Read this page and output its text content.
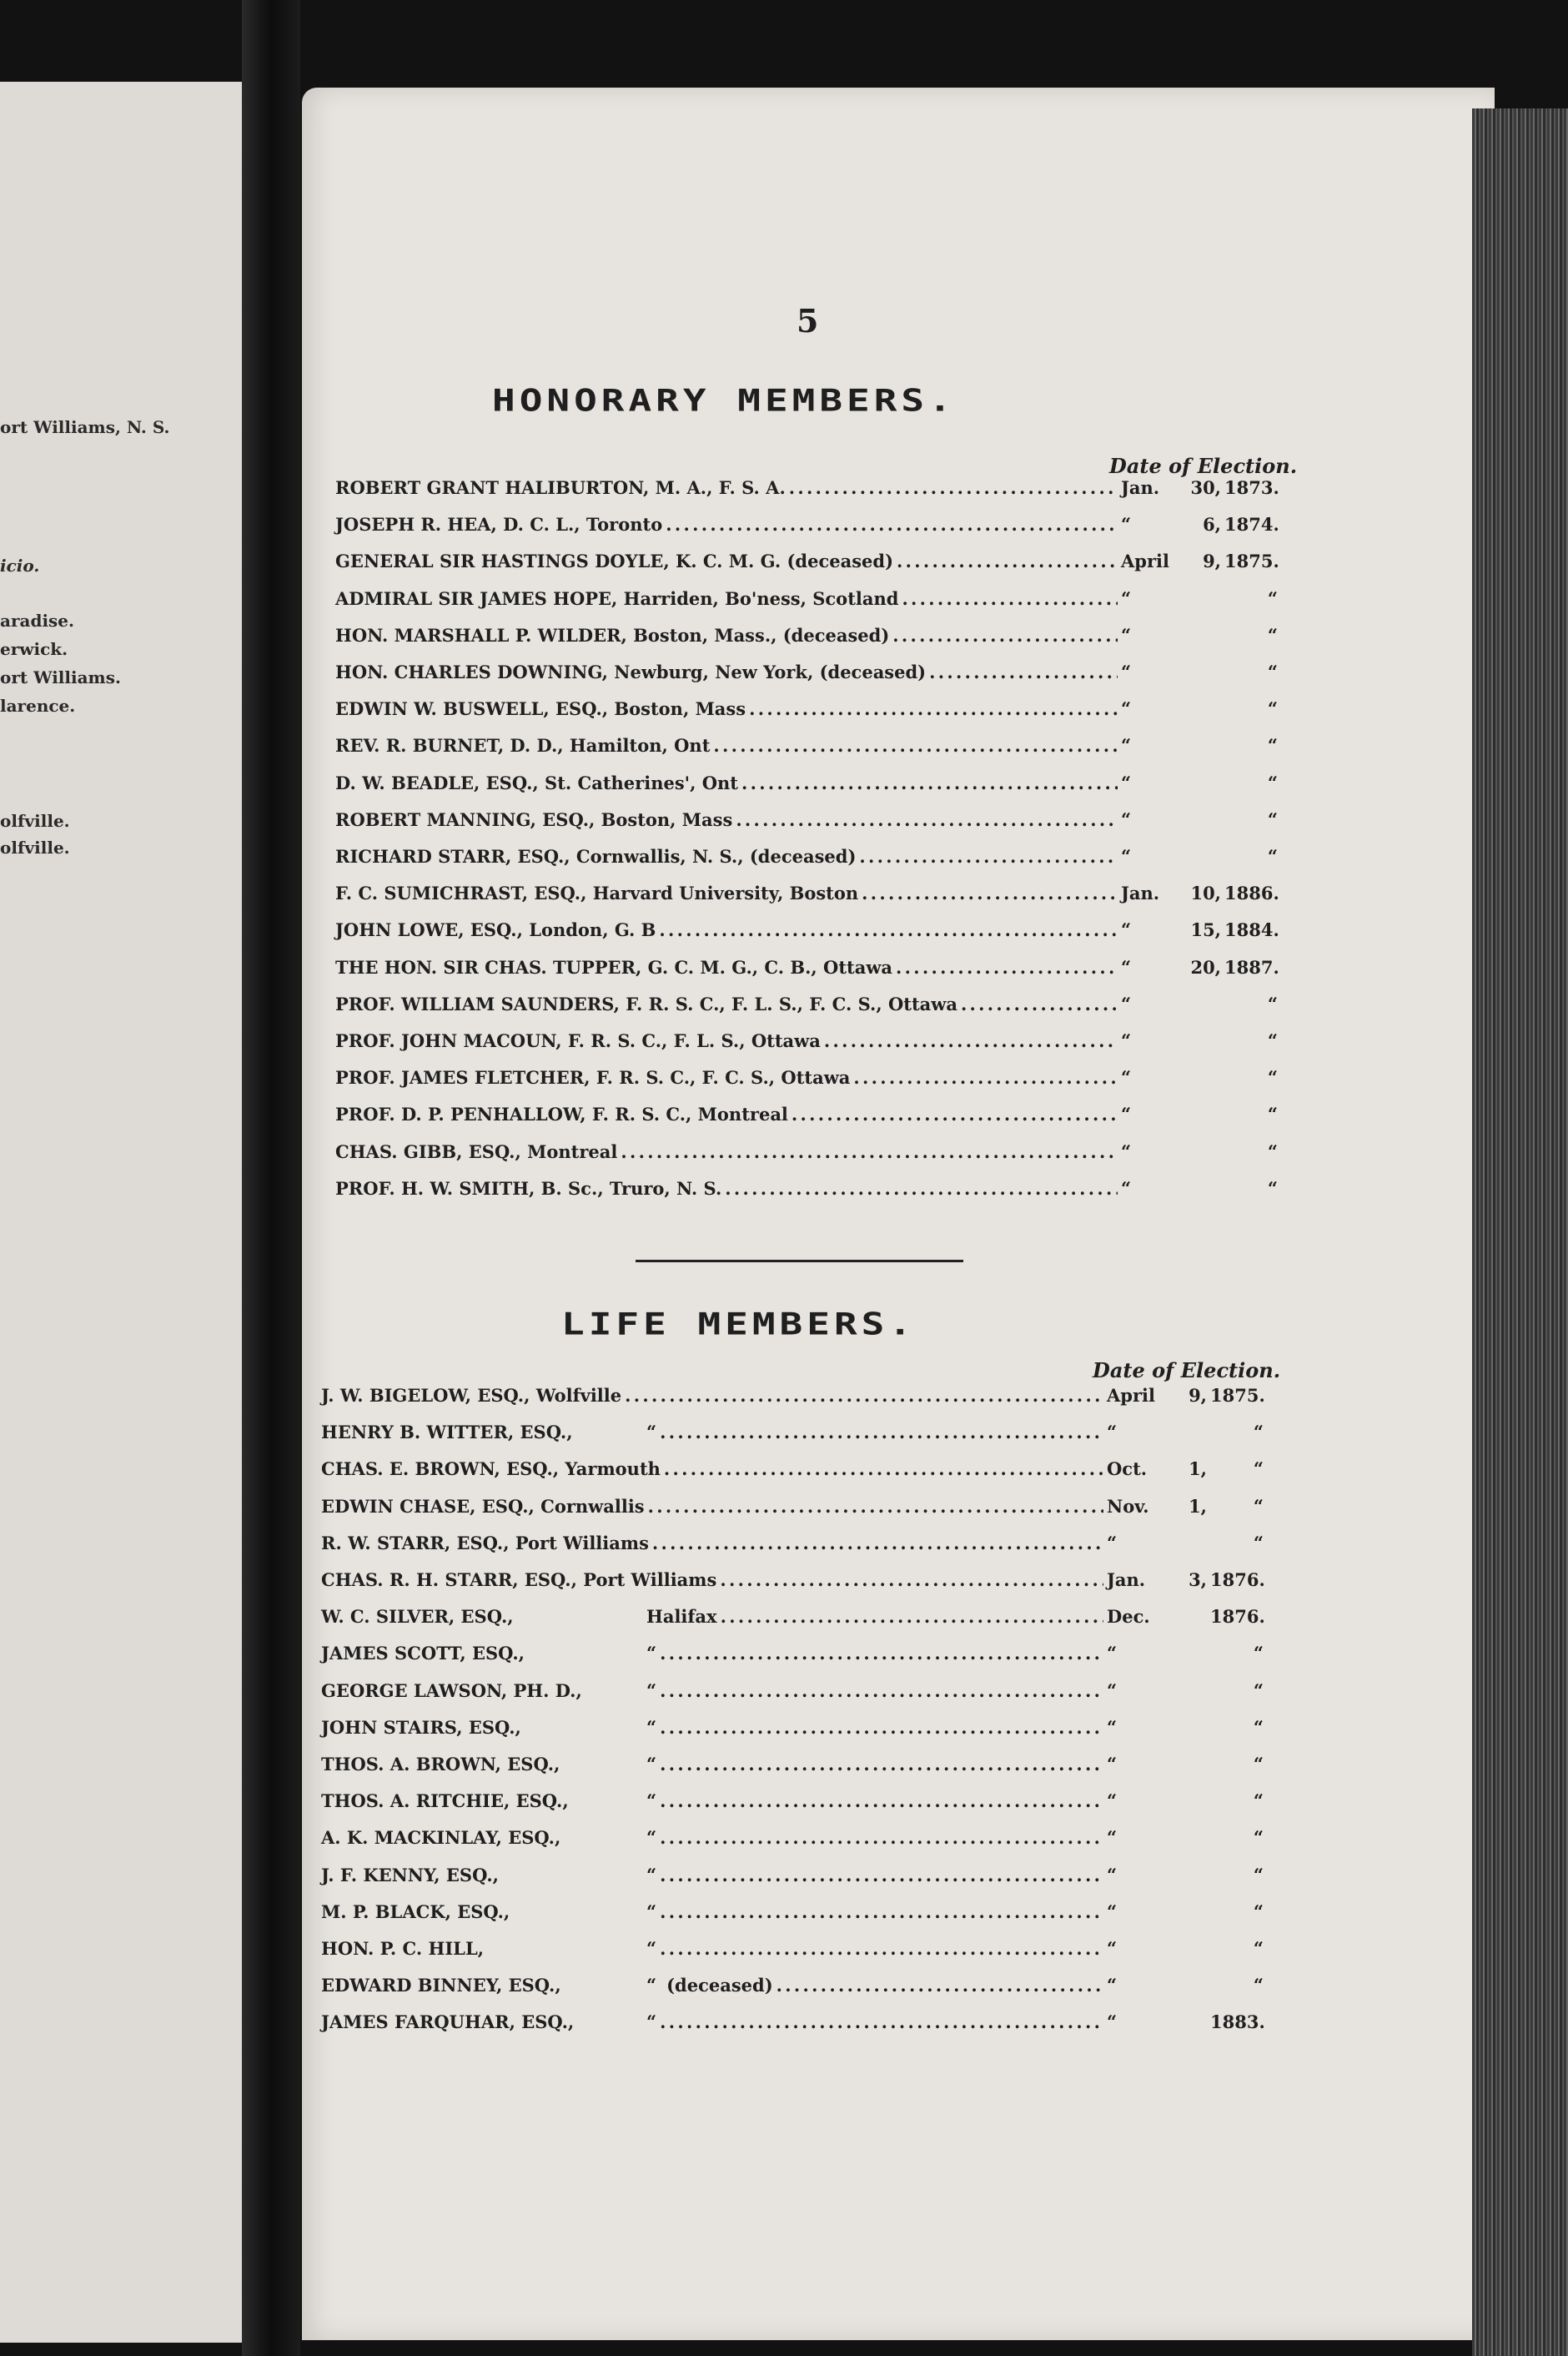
ort Williams, N. S.
icio.
aradise.
erwick.
ort Williams.
larence.
olfville.
olfville.
5
HONORARY MEMBERS.
Date of Election.
ROBERT GRANT HALIBURTON, M. A., F. S. A. . . .	Jan.	30, 1873.
JOSEPH R. HEA, D. C. L., Toronto . . .	“	6, 1874.
GENERAL SIR HASTINGS DOYLE, K. C. M. G. (deceased) . . .	April	9, 1875.
ADMIRAL SIR JAMES HOPE, Harriden, Bo'ness, Scotland . . .	“	“
HON. MARSHALL P. WILDER, Boston, Mass., (deceased) . . .	“	“
HON. CHARLES DOWNING, Newburg, New York, (deceased) . . .	“	“
EDWIN W. BUSWELL, ESQ., Boston, Mass . . .	“	“
REV. R. BURNET, D. D., Hamilton, Ont . . .	“	“
D. W. BEADLE, ESQ., St. Catherines', Ont . . .	“	“
ROBERT MANNING, ESQ., Boston, Mass . . .	“	“
RICHARD STARR, ESQ., Cornwallis, N. S., (deceased) . . .	“	“
F. C. SUMICHRAST, ESQ., Harvard University, Boston . . .	Jan.	10, 1886.
JOHN LOWE, ESQ., London, G. B . . .	“	15, 1884.
THE HON. SIR CHAS. TUPPER, G. C. M. G., C. B., Ottawa . . .	“	20, 1887.
PROF. WILLIAM SAUNDERS, F. R. S. C., F. L. S., F. C. S., Ottawa . . .	“	“
PROF. JOHN MACOUN, F. R. S. C., F. L. S., Ottawa . . .	“	“
PROF. JAMES FLETCHER, F. R. S. C., F. C. S., Ottawa . . .	“	“
PROF. D. P. PENHALLOW, F. R. S. C., Montreal . . .	“	“
CHAS. GIBB, ESQ., Montreal . . .	“	“
PROF. H. W. SMITH, B. Sc., Truro, N. S. . . .	“	“
LIFE MEMBERS.
Date of Election.
J. W. BIGELOW, ESQ., Wolfville . . .	April	9, 1875.
HENRY B. WITTER, ESQ.,	“ . . .	“	“
CHAS. E. BROWN, ESQ., Yarmouth . . .	Oct.	1,	“
EDWIN CHASE, ESQ., Cornwallis . . .	Nov.	1,	“
R. W. STARR, ESQ., Port Williams . . .	“	“
CHAS. R. H. STARR, ESQ., Port Williams . . .	Jan.	3, 1876.
W. C. SILVER, ESQ.,	Halifax . . .	Dec.	1876.
JAMES SCOTT, ESQ.,	“ . . .	“	“
GEORGE LAWSON, PH. D.,	“ . . .	“	“
JOHN STAIRS, ESQ.,	“ . . .	“	“
THOS. A. BROWN, ESQ.,	“ . . .	“	“
THOS. A. RITCHIE, ESQ.,	“ . . .	“	“
A. K. MACKINLAY, ESQ.,	“ . . .	“	“
J. F. KENNY, ESQ.,	“ . . .	“	“
M. P. BLACK, ESQ.,	“ . . .	“	“
HON. P. C. HILL,	“ . . .	“	“
EDWARD BINNEY, ESQ.,	“ (deceased) . . .	“	“
JAMES FARQUHAR, ESQ.,	“ . . .	“	1883.
